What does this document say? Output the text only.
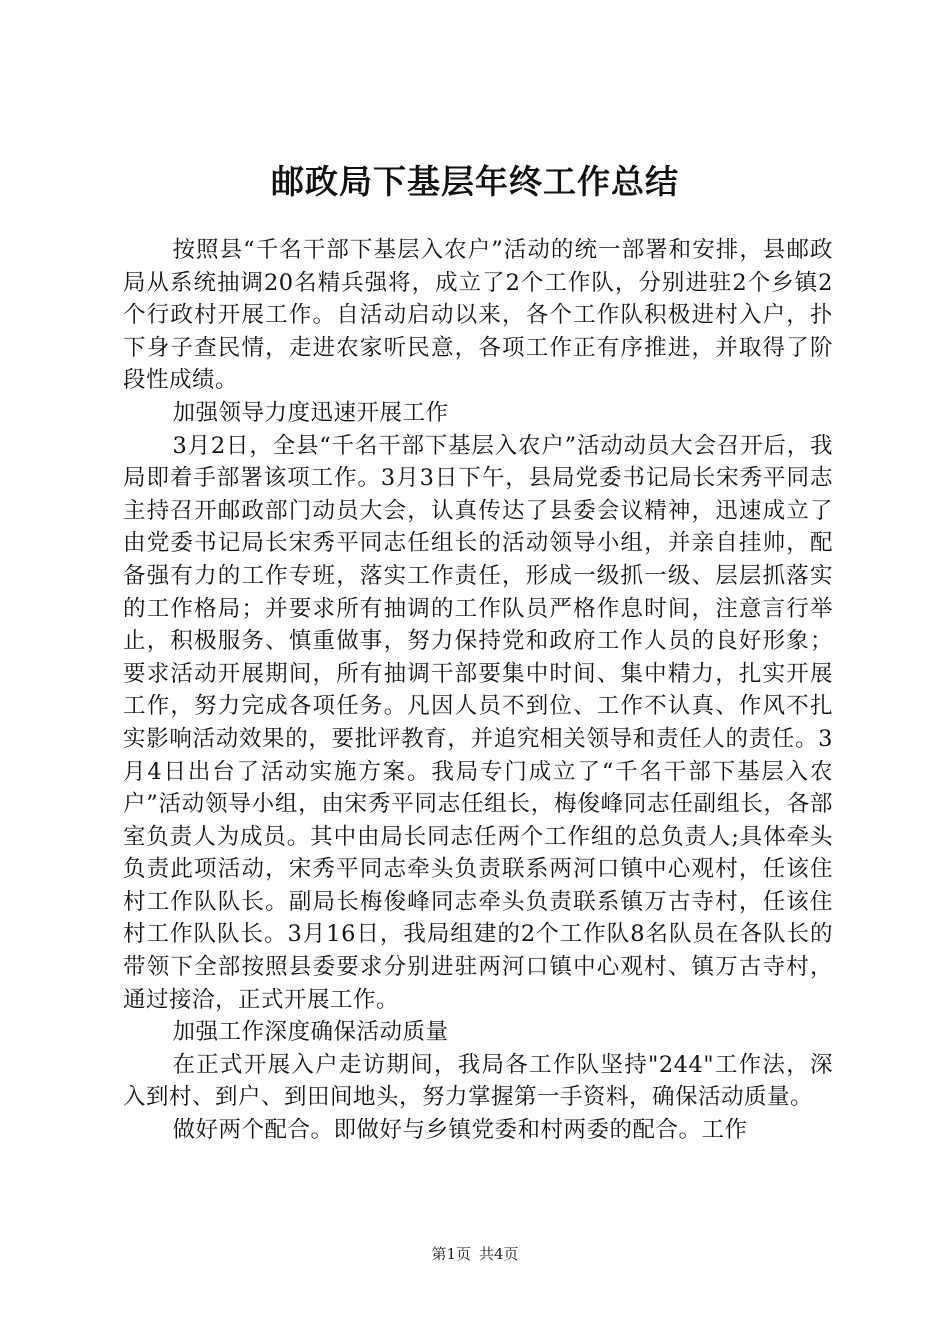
邮政局下基层年终工作总结

按照县“千名干部下基层入农户”活动的统一部署和安排，县邮政局从系统抽调20名精兵强将，成立了2个工作队，分别进驻2个乡镇2个行政村开展工作。自活动启动以来，各个工作队积极进村入户，扑下身子查民情，走进农家听民意，各项工作正有序推进，并取得了阶段性成绩。

加强领导力度迅速开展工作

3月2日，全县“千名干部下基层入农户”活动动员大会召开后，我局即着手部署该项工作。3月3日下午，县局党委书记局长宋秀平同志主持召开邮政部门动员大会，认真传达了县委会议精神，迅速成立了由党委书记局长宋秀平同志任组长的活动领导小组，并亲自挂帅，配备强有力的工作专班，落实工作责任，形成一级抓一级、层层抓落实的工作格局；并要求所有抽调的工作队员严格作息时间，注意言行举止，积极服务、慎重做事，努力保持党和政府工作人员的良好形象；要求活动开展期间，所有抽调干部要集中时间、集中精力，扎实开展工作，努力完成各项任务。凡因人员不到位、工作不认真、作风不扎实影响活动效果的，要批评教育，并追究相关领导和责任人的责任。3月4日出台了活动实施方案。我局专门成立了“千名干部下基层入农户”活动领导小组，由宋秀平同志任组长，梅俊峰同志任副组长，各部室负责人为成员。其中由局长同志任两个工作组的总负责人;具体牵头负责此项活动，宋秀平同志牵头负责联系两河口镇中心观村，任该住村工作队队长。副局长梅俊峰同志牵头负责联系镇万古寺村，任该住村工作队队长。3月16日，我局组建的2个工作队8名队员在各队长的带领下全部按照县委要求分别进驻两河口镇中心观村、镇万古寺村，通过接洽，正式开展工作。

加强工作深度确保活动质量

在正式开展入户走访期间，我局各工作队坚持"244"工作法，深入到村、到户、到田间地头，努力掌握第一手资料，确保活动质量。

做好两个配合。即做好与乡镇党委和村两委的配合。工作

第1页 共4页
